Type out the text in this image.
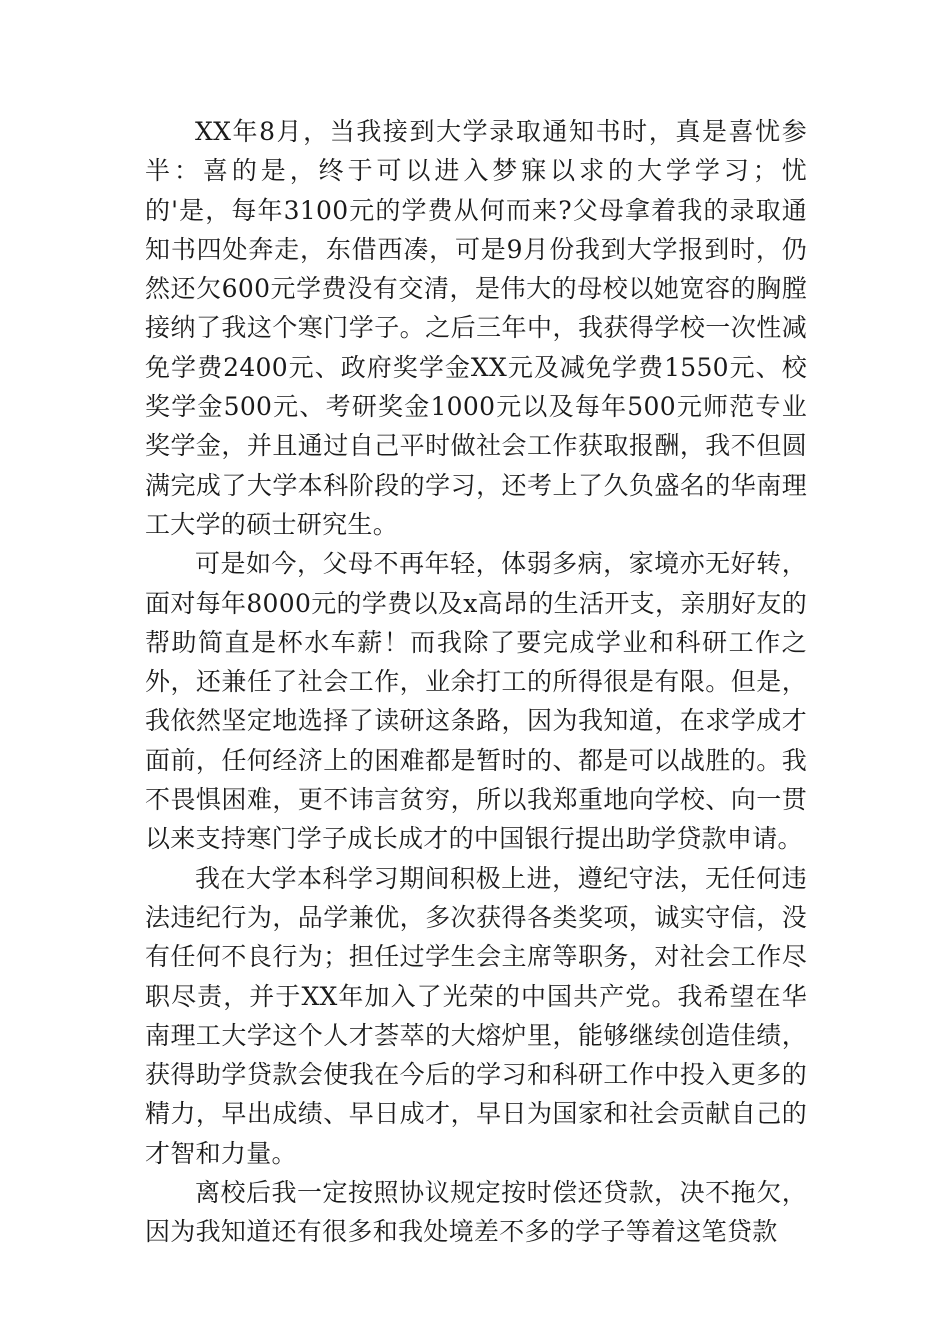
XX年8月，当我接到大学录取通知书时，真是喜忧参半：喜的是，终于可以进入梦寐以求的大学学习；忧的'是，每年3100元的学费从何而来?父母拿着我的录取通知书四处奔走，东借西凑，可是9月份我到大学报到时，仍然还欠600元学费没有交清，是伟大的母校以她宽容的胸膛接纳了我这个寒门学子。之后三年中，我获得学校一次性减免学费2400元、政府奖学金XX元及减免学费1550元、校奖学金500元、考研奖金1000元以及每年500元师范专业奖学金，并且通过自己平时做社会工作获取报酬，我不但圆满完成了大学本科阶段的学习，还考上了久负盛名的华南理工大学的硕士研究生。

可是如今，父母不再年轻，体弱多病，家境亦无好转，面对每年8000元的学费以及x高昂的生活开支，亲朋好友的帮助简直是杯水车薪！而我除了要完成学业和科研工作之外，还兼任了社会工作，业余打工的所得很是有限。但是，我依然坚定地选择了读研这条路，因为我知道，在求学成才面前，任何经济上的困难都是暂时的、都是可以战胜的。我不畏惧困难，更不讳言贫穷，所以我郑重地向学校、向一贯以来支持寒门学子成长成才的中国银行提出助学贷款申请。

我在大学本科学习期间积极上进，遵纪守法，无任何违法违纪行为，品学兼优，多次获得各类奖项，诚实守信，没有任何不良行为；担任过学生会主席等职务，对社会工作尽职尽责，并于XX年加入了光荣的中国共产党。我希望在华南理工大学这个人才荟萃的大熔炉里，能够继续创造佳绩，获得助学贷款会使我在今后的学习和科研工作中投入更多的精力，早出成绩、早日成才，早日为国家和社会贡献自己的才智和力量。

离校后我一定按照协议规定按时偿还贷款，决不拖欠，因为我知道还有很多和我处境差不多的学子等着这笔贷款
